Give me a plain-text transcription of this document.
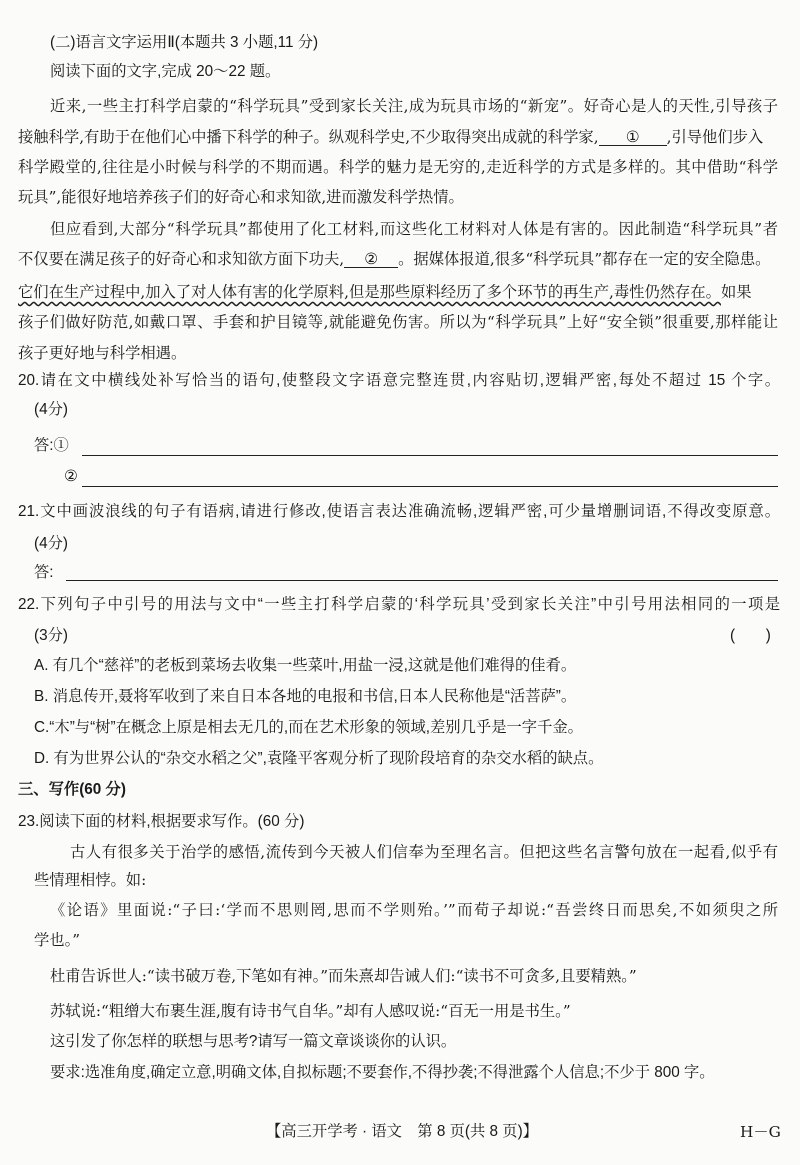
(二)语言文字运用Ⅱ(本题共 3 小题,11 分)
阅读下面的文字,完成 20～22 题。
近来,一些主打科学启蒙的“科学玩具”受到家长关注,成为玩具市场的“新宠”。好奇心是人的天性,引导孩子
接触科学,有助于在他们心中播下科学的种子。纵观科学史,不少取得突出成就的科学家, ① ,引导他们步入
科学殿堂的,往往是小时候与科学的不期而遇。科学的魅力是无穷的,走近科学的方式是多样的。其中借助“科学
玩具”,能很好地培养孩子们的好奇心和求知欲,进而激发科学热情。
但应看到,大部分“科学玩具”都使用了化工材料,而这些化工材料对人体是有害的。因此制造“科学玩具”者
不仅要在满足孩子的好奇心和求知欲方面下功夫, ② 。据媒体报道,很多“科学玩具”都存在一定的安全隐患。
它们在生产过程中,加入了对人体有害的化学原料,但是那些原料经历了多个环节的再生产,毒性仍然存在。如果
孩子们做好防范,如戴口罩、手套和护目镜等,就能避免伤害。所以为“科学玩具”上好“安全锁”很重要,那样能让
孩子更好地与科学相遇。
20.请在文中横线处补写恰当的语句,使整段文字语意完整连贯,内容贴切,逻辑严密,每处不超过 15 个字。
(4分)
答:①
②
21.文中画波浪线的句子有语病,请进行修改,使语言表达准确流畅,逻辑严密,可少量增删词语,不得改变原意。
(4分)
答:
22.下列句子中引号的用法与文中“一些主打科学启蒙的‘科学玩具’受到家长关注”中引号用法相同的一项是
(3分)	(　　)
A. 有几个“慈祥”的老板到菜场去收集一些菜叶,用盐一浸,这就是他们难得的佳肴。
B. 消息传开,聂将军收到了来自日本各地的电报和书信,日本人民称他是“活菩萨”。
C.“木”与“树”在概念上原是相去无几的,而在艺术形象的领域,差别几乎是一字千金。
D. 有为世界公认的“杂交水稻之父”,袁隆平客观分析了现阶段培育的杂交水稻的缺点。
三、写作(60 分)
23.阅读下面的材料,根据要求写作。(60 分)
古人有很多关于治学的感悟,流传到今天被人们信奉为至理名言。但把这些名言警句放在一起看,似乎有
些情理相悖。如:
《论语》里面说:“子曰:‘学而不思则罔,思而不学则殆。’”而荀子却说:“吾尝终日而思矣,不如须臾之所
学也。”
杜甫告诉世人:“读书破万卷,下笔如有神。”而朱熹却告诫人们:“读书不可贪多,且要精熟。”
苏轼说:“粗缯大布裹生涯,腹有诗书气自华。”却有人感叹说:“百无一用是书生。”
这引发了你怎样的联想与思考?请写一篇文章谈谈你的认识。
要求:选准角度,确定立意,明确文体,自拟标题;不要套作,不得抄袭;不得泄露个人信息;不少于 800 字。
【高三开学考 · 语文　第 8 页(共 8 页)】	H－G
